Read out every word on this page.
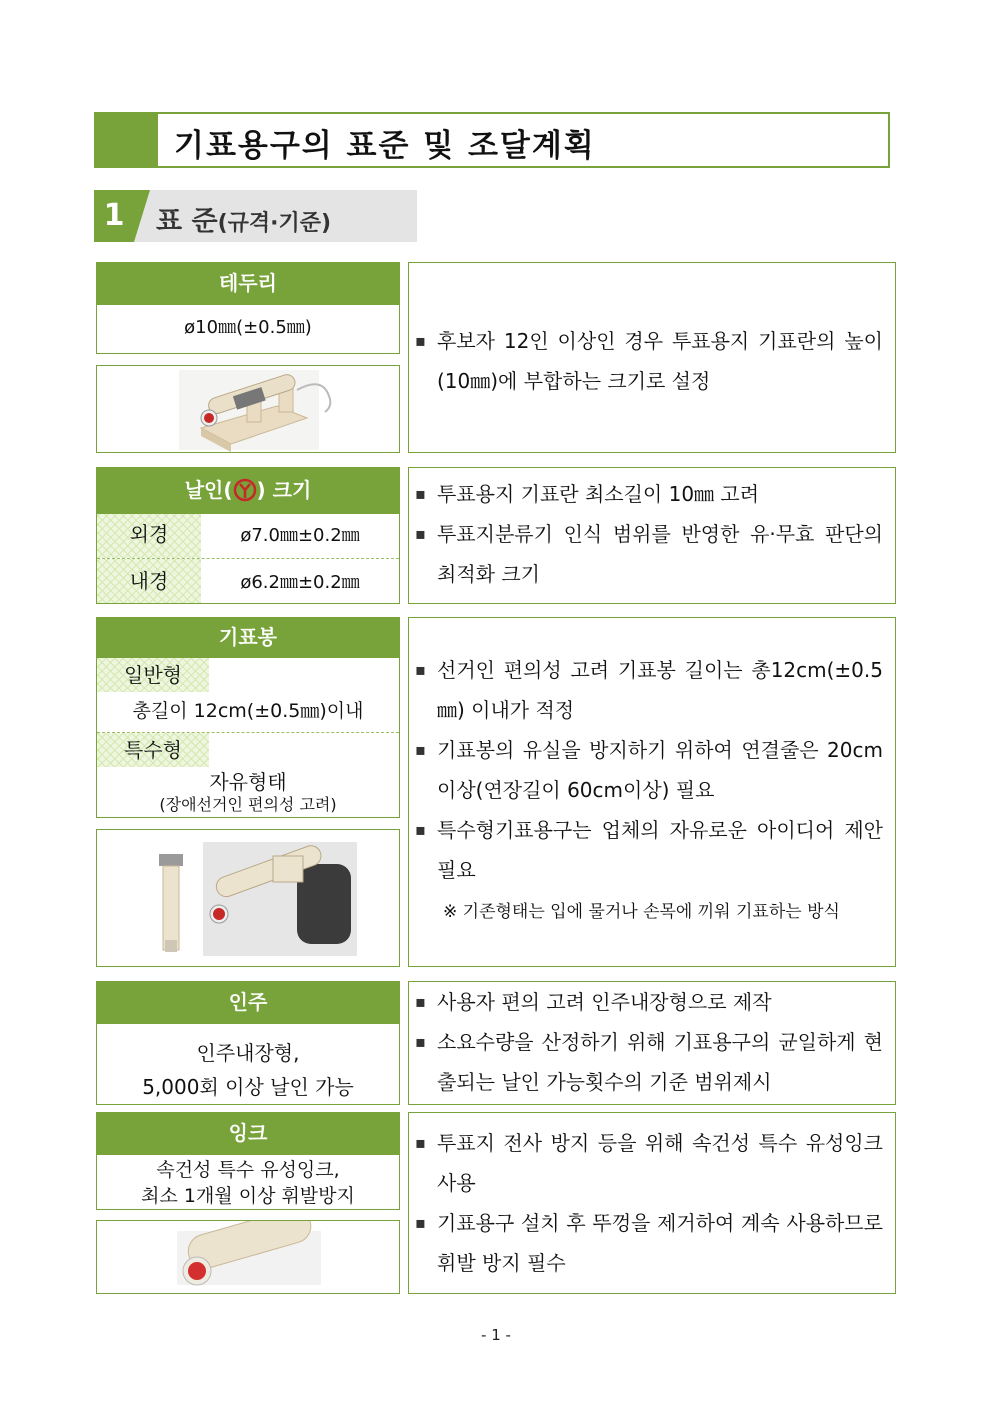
기표용구의 표준 및 조달계획
1	표 준(규격·기준)
테두리
ø10㎜(±0.5㎜)
▪ 후보자 12인 이상인 경우 투표용지 기표란의 높이(10㎜)에 부합하는 크기로 설정
날인( ) 크기
외경	ø7.0㎜±0.2㎜
내경	ø6.2㎜±0.2㎜
▪ 투표용지 기표란 최소길이 10㎜ 고려
▪ 투표지분류기 인식 범위를 반영한 유·무효 판단의 최적화 크기
기표봉
일반형
총길이 12cm(±0.5㎜)이내
특수형
자유형태
(장애선거인 편의성 고려)
▪ 선거인 편의성 고려 기표봉 길이는 총12cm(±0.5㎜) 이내가 적정
▪ 기표봉의 유실을 방지하기 위하여 연결줄은 20cm이상(연장길이 60cm이상) 필요
▪ 특수형기표용구는 업체의 자유로운 아이디어 제안 필요
※ 기존형태는 입에 물거나 손목에 끼워 기표하는 방식
인주
인주내장형,
5,000회 이상 날인 가능
▪ 사용자 편의 고려 인주내장형으로 제작
▪ 소요수량을 산정하기 위해 기표용구의 균일하게 현출되는 날인 가능횟수의 기준 범위제시
잉크
속건성 특수 유성잉크,
최소 1개월 이상 휘발방지
▪ 투표지 전사 방지 등을 위해 속건성 특수 유성잉크 사용
▪ 기표용구 설치 후 뚜껑을 제거하여 계속 사용하므로 휘발 방지 필수
- 1 -
